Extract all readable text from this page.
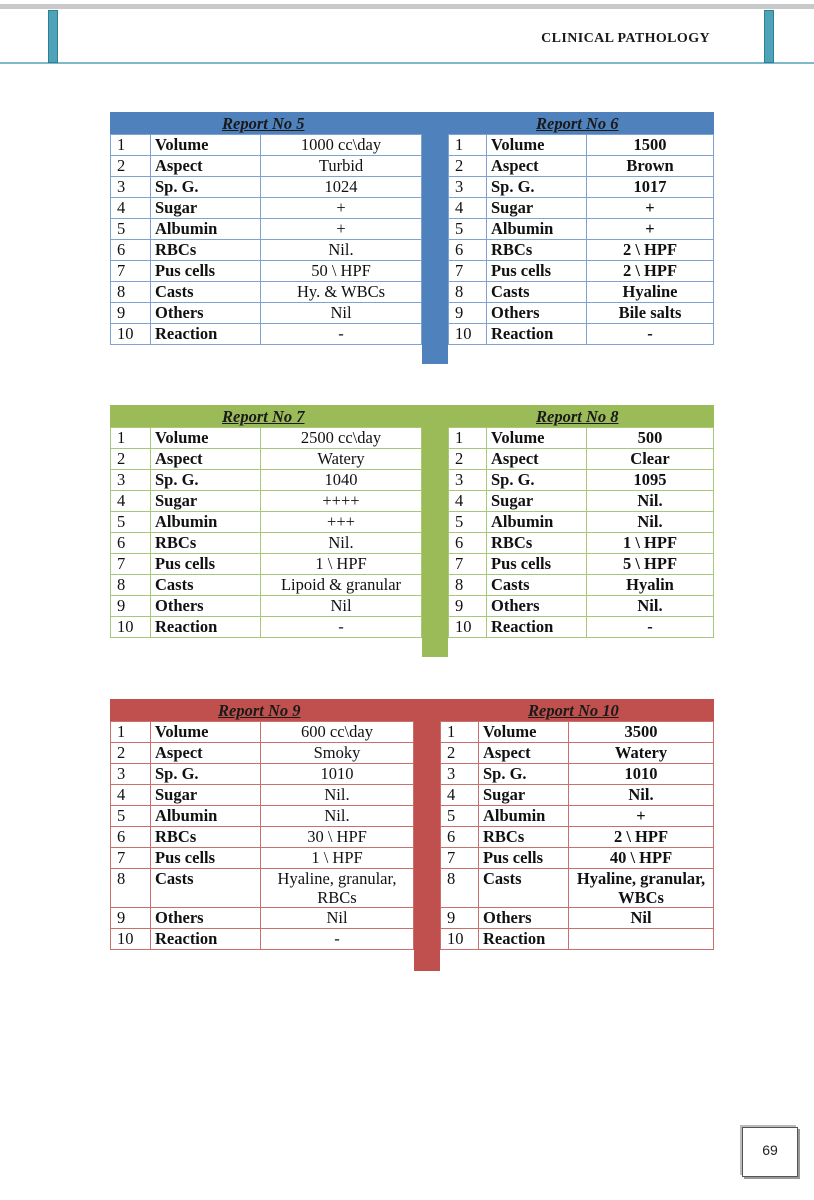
CLINICAL PATHOLOGY
Report No 5	Report No 6
1	Volume	1000 cc\day
2	Aspect	Turbid
3	Sp. G.	1024
4	Sugar	+
5	Albumin	+
6	RBCs	Nil.
7	Pus cells	50 \ HPF
8	Casts	Hy. & WBCs
9	Others	Nil
10	Reaction	-
1	Volume	1500
2	Aspect	Brown
3	Sp. G.	1017
4	Sugar	+
5	Albumin	+
6	RBCs	2 \ HPF
7	Pus cells	2 \ HPF
8	Casts	Hyaline
9	Others	Bile salts
10	Reaction	-
Report No 7	Report No 8
1	Volume	2500 cc\day
2	Aspect	Watery
3	Sp. G.	1040
4	Sugar	++++
5	Albumin	+++
6	RBCs	Nil.
7	Pus cells	1 \ HPF
8	Casts	Lipoid & granular
9	Others	Nil
10	Reaction	-
1	Volume	500
2	Aspect	Clear
3	Sp. G.	1095
4	Sugar	Nil.
5	Albumin	Nil.
6	RBCs	1 \ HPF
7	Pus cells	5 \ HPF
8	Casts	Hyalin
9	Others	Nil.
10	Reaction	-
Report No 9	Report No 10
1	Volume	600 cc\day
2	Aspect	Smoky
3	Sp. G.	1010
4	Sugar	Nil.
5	Albumin	Nil.
6	RBCs	30 \ HPF
7	Pus cells	1 \ HPF
8	Casts	Hyaline, granular, RBCs
9	Others	Nil
10	Reaction	-
1	Volume	3500
2	Aspect	Watery
3	Sp. G.	1010
4	Sugar	Nil.
5	Albumin	+
6	RBCs	2 \ HPF
7	Pus cells	40 \ HPF
8	Casts	Hyaline, granular, WBCs
9	Others	Nil
10	Reaction	
69
